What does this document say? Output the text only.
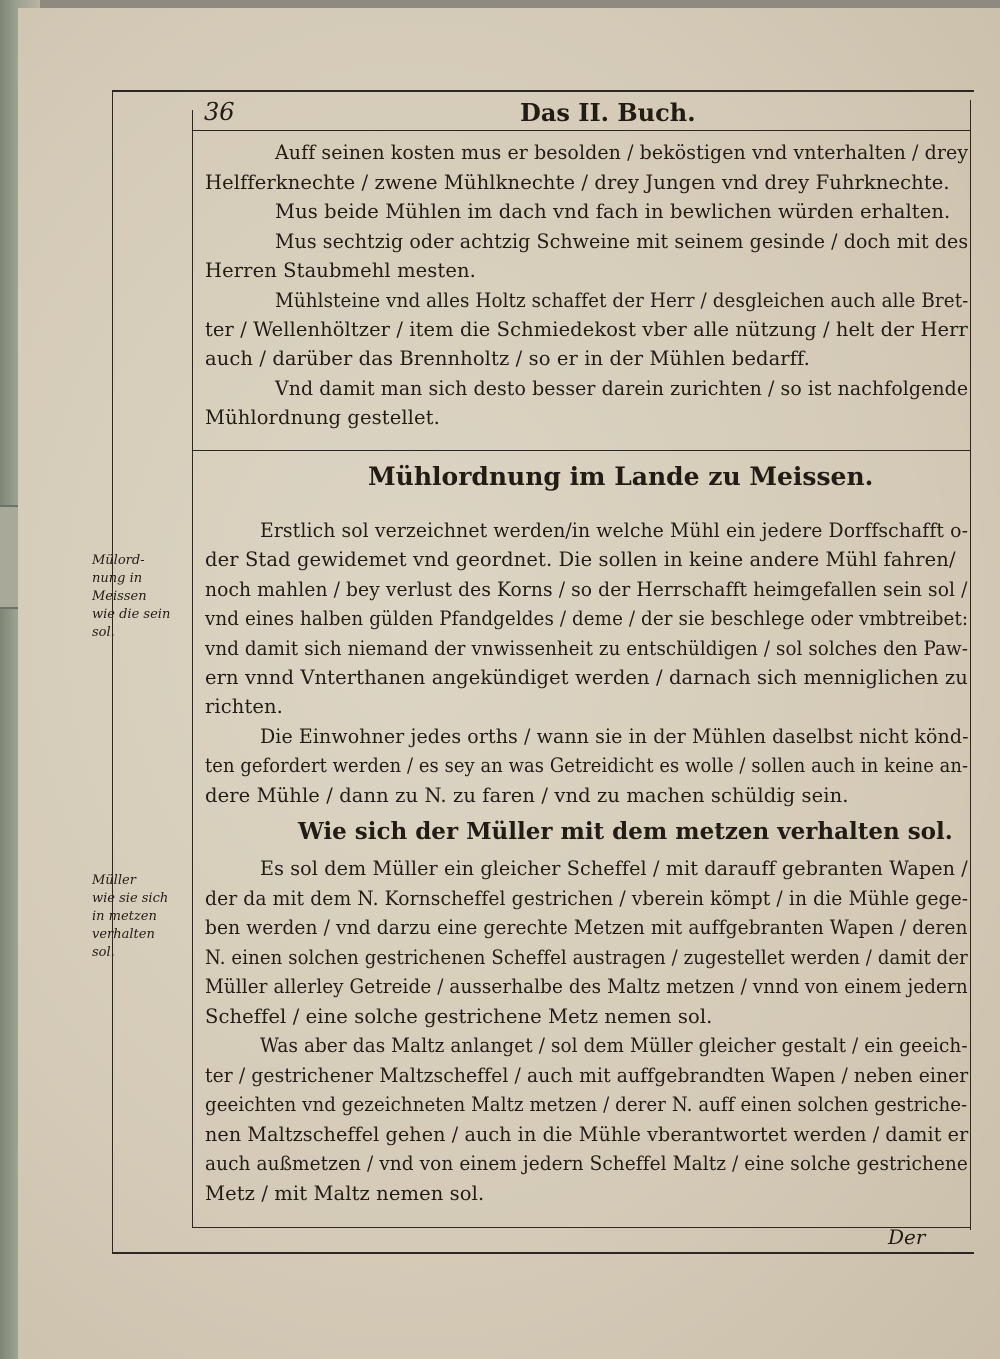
36	Das II. Buch.
Auff seinen kosten mus er besolden / beköstigen vnd vnterhalten / drey
Helfferknechte / zwene Mühlknechte / drey Jungen vnd drey Fuhrknechte.
Mus beide Mühlen im dach vnd fach in bewlichen würden erhalten.
Mus sechtzig oder achtzig Schweine mit seinem gesinde / doch mit des
Herren Staubmehl mesten.
Mühlsteine vnd alles Holtz schaffet der Herr / desgleichen auch alle Bret-
ter / Wellenhöltzer / item die Schmiedekost vber alle nützung / helt der Herr
auch / darüber das Brennholtz / so er in der Mühlen bedarff.
Vnd damit man sich desto besser darein zurichten / so ist nachfolgende
Mühlordnung gestellet.
Mühlordnung im Lande zu Meissen.
Mülord-
nung in
Meissen
wie die sein
sol.
Erstlich sol verzeichnet werden/in welche Mühl ein jedere Dorffschafft o-
der Stad gewidemet vnd geordnet. Die sollen in keine andere Mühl fahren/
noch mahlen / bey verlust des Korns / so der Herrschafft heimgefallen sein sol /
vnd eines halben gülden Pfandgeldes / deme / der sie beschlege oder vmbtreibet:
vnd damit sich niemand der vnwissenheit zu entschüldigen / sol solches den Paw-
ern vnnd Vnterthanen angekündiget werden / darnach sich menniglichen zu
richten.
Die Einwohner jedes orths / wann sie in der Mühlen daselbst nicht könd-
ten gefordert werden / es sey an was Getreidicht es wolle / sollen auch in keine an-
dere Mühle / dann zu N. zu faren / vnd zu machen schüldig sein.
Wie sich der Müller mit dem metzen verhalten sol.
Müller
wie sie sich
in metzen
verhalten
sol.
Es sol dem Müller ein gleicher Scheffel / mit darauff gebranten Wapen /
der da mit dem N. Kornscheffel gestrichen / vberein kömpt / in die Mühle gege-
ben werden / vnd darzu eine gerechte Metzen mit auffgebranten Wapen / deren
N. einen solchen gestrichenen Scheffel austragen / zugestellet werden / damit der
Müller allerley Getreide / ausserhalbe des Maltz metzen / vnnd von einem jedern
Scheffel / eine solche gestrichene Metz nemen sol.
Was aber das Maltz anlanget / sol dem Müller gleicher gestalt / ein geeich-
ter / gestrichener Maltzscheffel / auch mit auffgebrandten Wapen / neben einer
geeichten vnd gezeichneten Maltz metzen / derer N. auff einen solchen gestriche-
nen Maltzscheffel gehen / auch in die Mühle vberantwortet werden / damit er
auch außmetzen / vnd von einem jedern Scheffel Maltz / eine solche gestrichene
Metz / mit Maltz nemen sol.
Der
